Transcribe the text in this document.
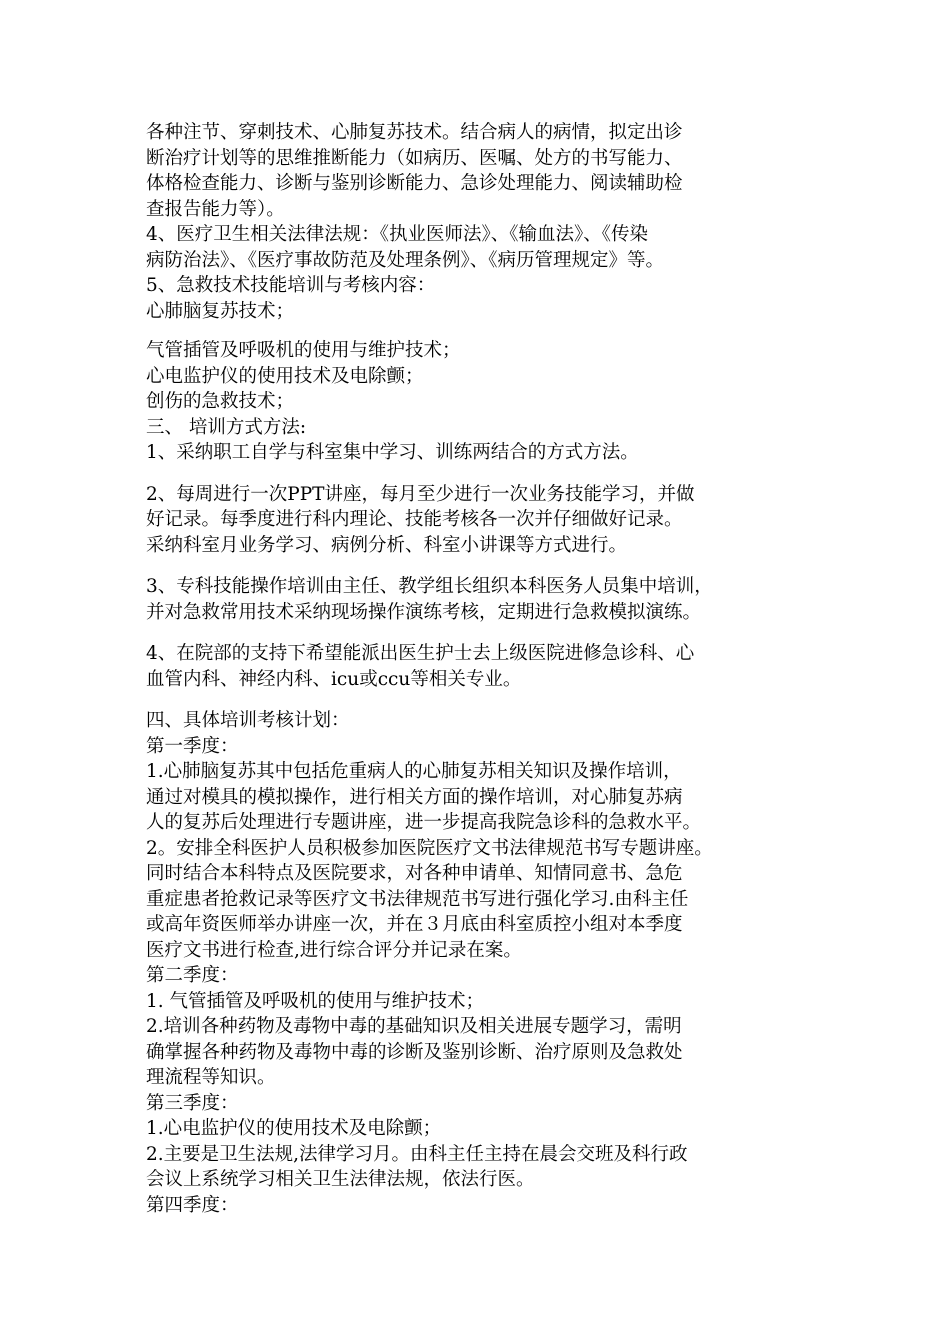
各种注节、穿刺技术、心肺复苏技术。结合病人的病情，拟定出诊
断治疗计划等的思维推断能力（如病历、医嘱、处方的书写能力、
体格检查能力、诊断与鉴别诊断能力、急诊处理能力、阅读辅助检
查报告能力等）。
4、医疗卫生相关法律法规：《执业医师法》、《输血法》、《传染
病防治法》、《医疗事故防范及处理条例》、《病历管理规定》等。
5、急救技术技能培训与考核内容：
心肺脑复苏技术；
气管插管及呼吸机的使用与维护技术；
心电监护仪的使用技术及电除颤；
创伤的急救技术；
三、 培训方式方法:
1、采纳职工自学与科室集中学习、训练两结合的方式方法。
2、每周进行一次PPT讲座，每月至少进行一次业务技能学习，并做
好记录。每季度进行科内理论、技能考核各一次并仔细做好记录。
采纳科室月业务学习、病例分析、科室小讲课等方式进行。
3、专科技能操作培训由主任、教学组长组织本科医务人员集中培训，
并对急救常用技术采纳现场操作演练考核，定期进行急救模拟演练。
4、在院部的支持下希望能派出医生护士去上级医院进修急诊科、心
血管内科、神经内科、icu或ccu等相关专业。
四、具体培训考核计划：
第一季度：
1.心肺脑复苏其中包括危重病人的心肺复苏相关知识及操作培训，
通过对模具的模拟操作，进行相关方面的操作培训，对心肺复苏病
人的复苏后处理进行专题讲座，进一步提高我院急诊科的急救水平。
2。安排全科医护人员积极参加医院医疗文书法律规范书写专题讲座。
同时结合本科特点及医院要求，对各种申请单、知情同意书、急危
重症患者抢救记录等医疗文书法律规范书写进行强化学习.由科主任
或高年资医师举办讲座一次，并在３月底由科室质控小组对本季度
医疗文书进行检查,进行综合评分并记录在案。
第二季度：
1. 气管插管及呼吸机的使用与维护技术；
2.培训各种药物及毒物中毒的基础知识及相关进展专题学习，需明
确掌握各种药物及毒物中毒的诊断及鉴别诊断、治疗原则及急救处
理流程等知识。
第三季度：
1.心电监护仪的使用技术及电除颤；
2.主要是卫生法规,法律学习月。由科主任主持在晨会交班及科行政
会议上系统学习相关卫生法律法规，依法行医。
第四季度：
